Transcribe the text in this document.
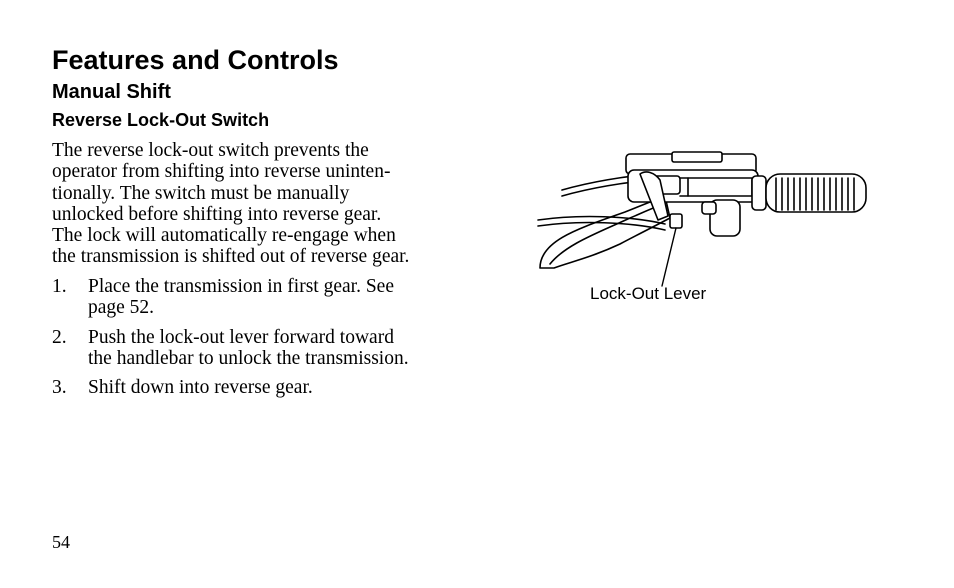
Features and Controls
Manual Shift
Reverse Lock-Out Switch
The reverse lock-out switch prevents the
operator from shifting into reverse uninten-
tionally. The switch must be manually
unlocked before shifting into reverse gear.
The lock will automatically re-engage when
the transmission is shifted out of reverse gear.
1. Place the transmission in first gear. See
page 52.
2. Push the lock-out lever forward toward
the handlebar to unlock the transmission.
3. Shift down into reverse gear.
Lock-Out Lever
54
